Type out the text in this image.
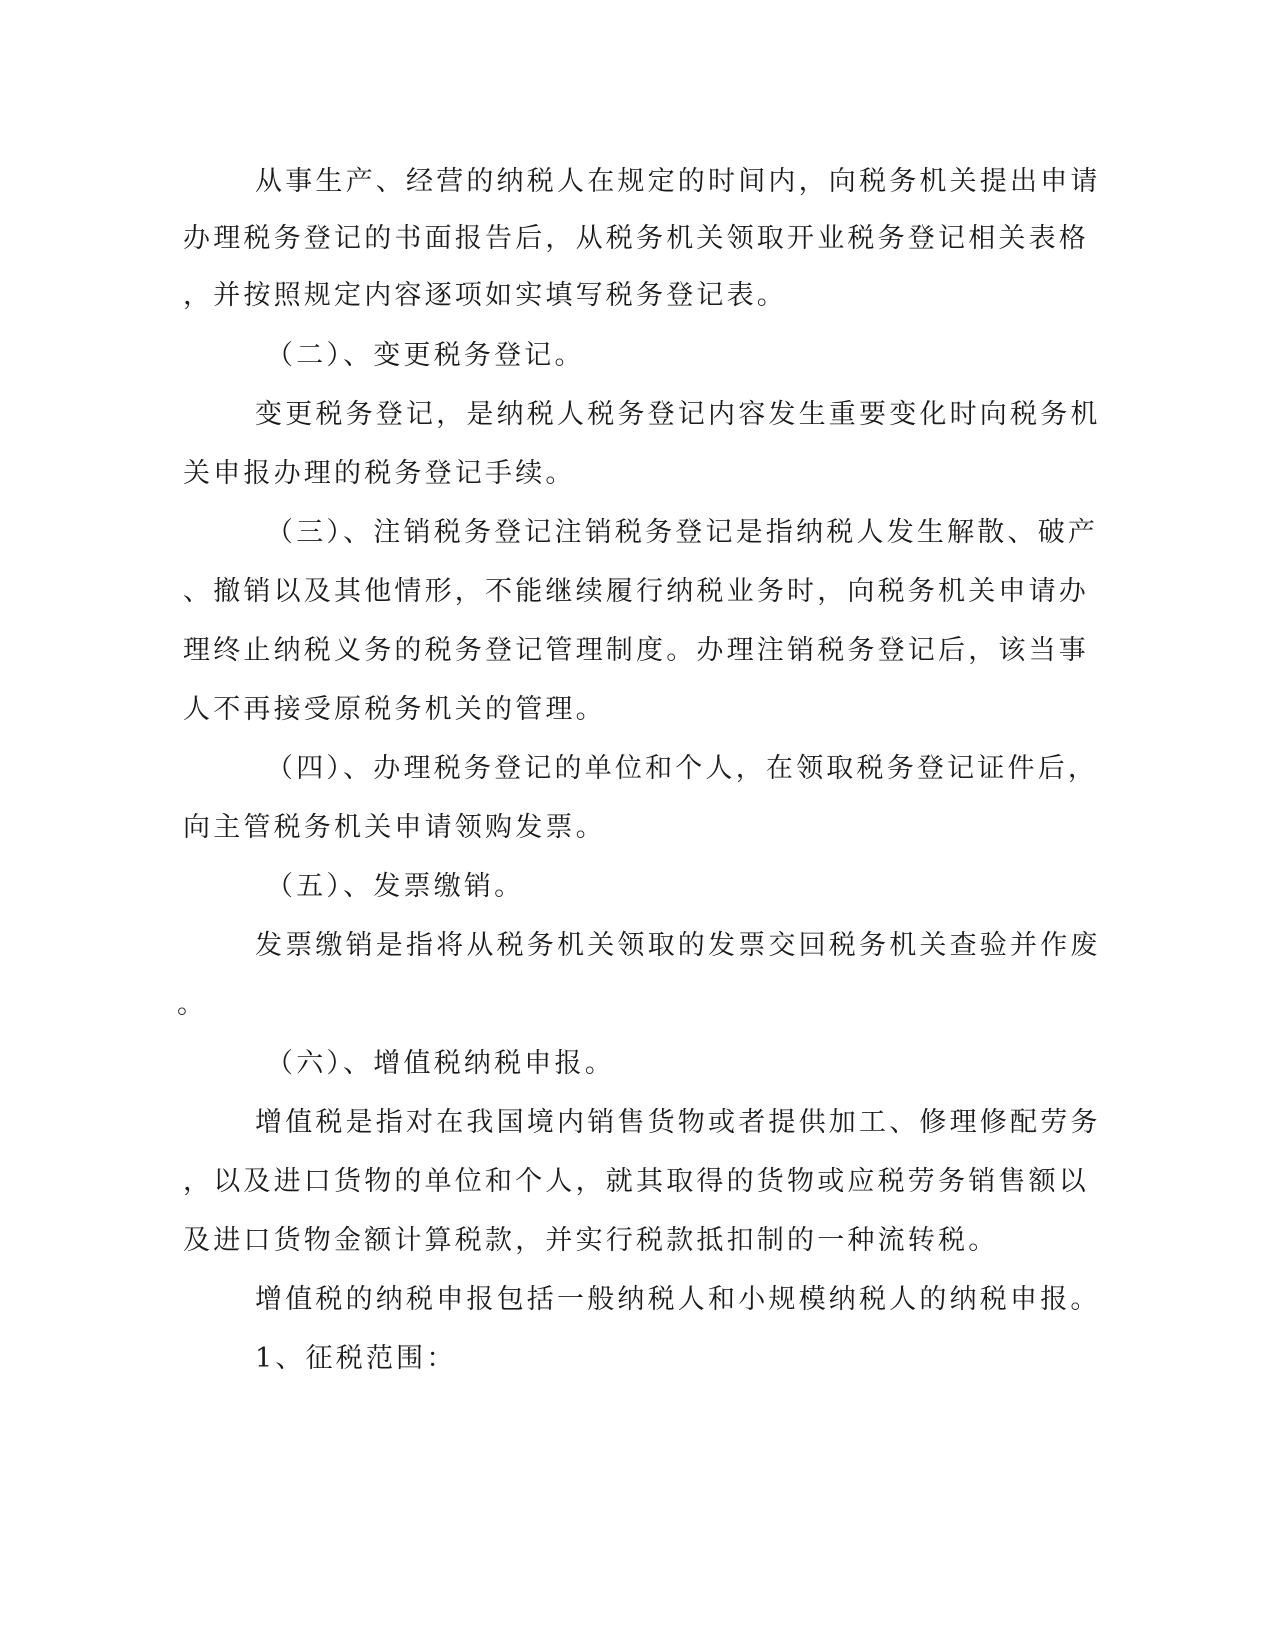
从事生产、经营的纳税人在规定的时间内，向税务机关提出申请
办理税务登记的书面报告后，从税务机关领取开业税务登记相关表格
，并按照规定内容逐项如实填写税务登记表。
（二）、变更税务登记。
变更税务登记，是纳税人税务登记内容发生重要变化时向税务机
关申报办理的税务登记手续。
（三）、注销税务登记注销税务登记是指纳税人发生解散、破产
、撤销以及其他情形，不能继续履行纳税业务时，向税务机关申请办
理终止纳税义务的税务登记管理制度。办理注销税务登记后，该当事
人不再接受原税务机关的管理。
（四）、办理税务登记的单位和个人，在领取税务登记证件后，
向主管税务机关申请领购发票。
（五）、发票缴销。
发票缴销是指将从税务机关领取的发票交回税务机关查验并作废
。
（六）、增值税纳税申报。
增值税是指对在我国境内销售货物或者提供加工、修理修配劳务
，以及进口货物的单位和个人，就其取得的货物或应税劳务销售额以
及进口货物金额计算税款，并实行税款抵扣制的一种流转税。
增值税的纳税申报包括一般纳税人和小规模纳税人的纳税申报。
1、征税范围：
